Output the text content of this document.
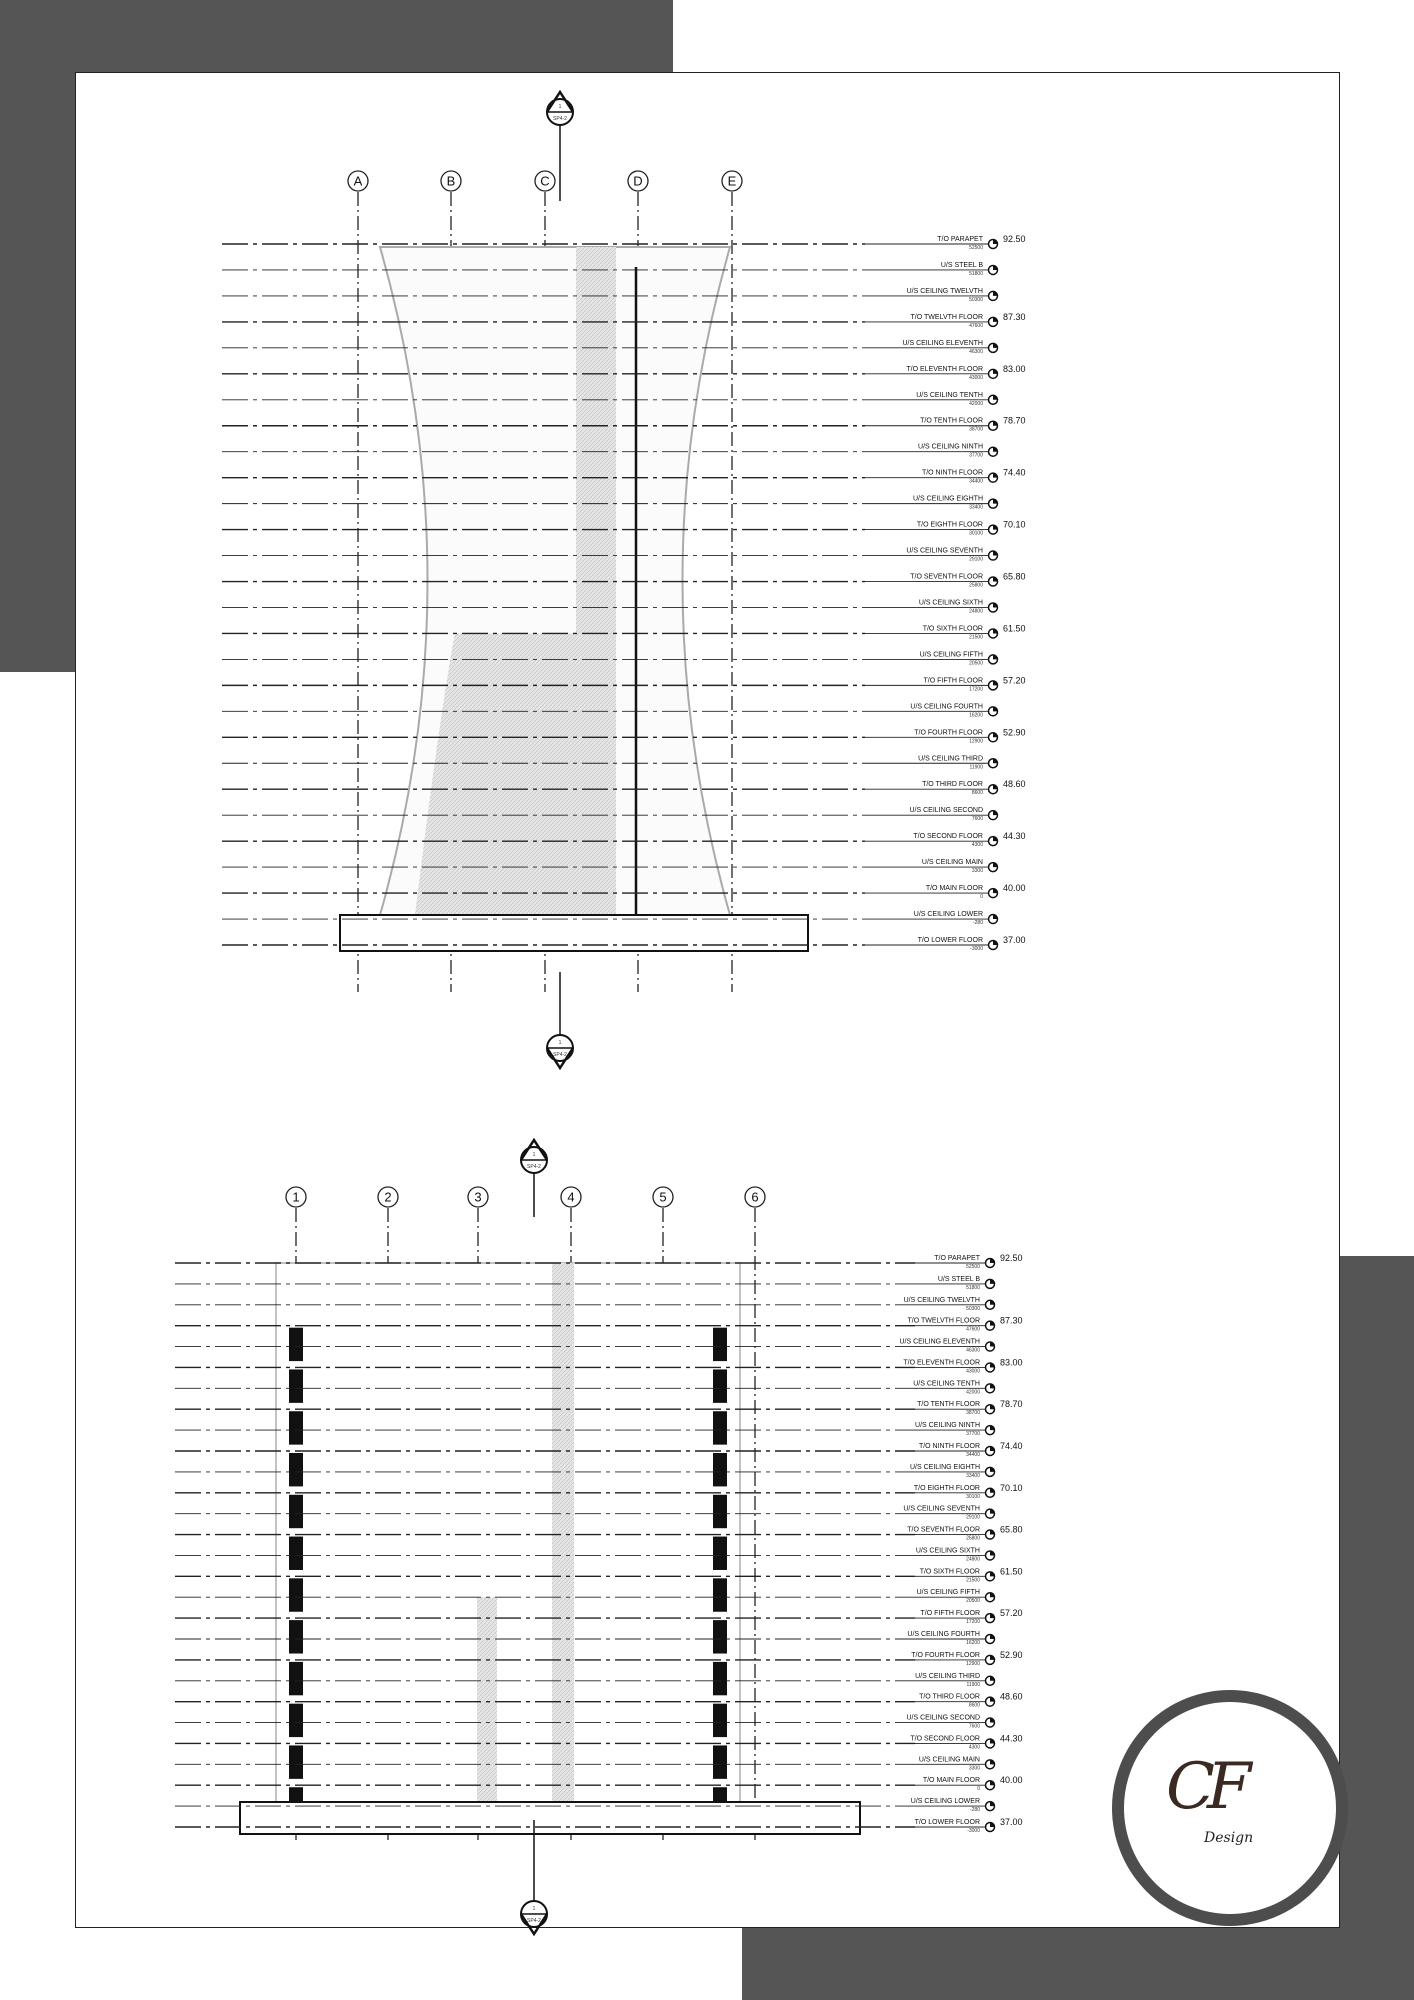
A	B	C	D	E
T/O PARAPET
52500
92.50
U/S STEEL B
51800
U/S CEILING TWELVTH
50300
T/O TWELVTH FLOOR
47600
87.30
U/S CEILING ELEVENTH
46300
T/O ELEVENTH FLOOR
43000
83.00
U/S CEILING TENTH
42000
T/O TENTH FLOOR
38700
78.70
U/S CEILING NINTH
37700
T/O NINTH FLOOR
34400
74.40
U/S CEILING EIGHTH
33400
T/O EIGHTH FLOOR
30100
70.10
U/S CEILING SEVENTH
29100
T/O SEVENTH FLOOR
25800
65.80
U/S CEILING SIXTH
24800
T/O SIXTH FLOOR
21500
61.50
U/S CEILING FIFTH
20500
T/O FIFTH FLOOR
17200
57.20
U/S CEILING FOURTH
16200
T/O FOURTH FLOOR
12900
52.90
U/S CEILING THIRD
11900
T/O THIRD FLOOR
8600
48.60
U/S CEILING SECOND
7600
T/O SECOND FLOOR
4300
44.30
U/S CEILING MAIN
3300
T/O MAIN FLOOR
0
40.00
U/S CEILING LOWER
-280
T/O LOWER FLOOR
-3000
37.00
1
SP4-2
1
SP4-2
1	2	3	4	5	6
T/O PARAPET
52500
92.50
U/S STEEL B
51800
U/S CEILING TWELVTH
50300
T/O TWELVTH FLOOR
47600
87.30
U/S CEILING ELEVENTH
46300
T/O ELEVENTH FLOOR
43000
83.00
U/S CEILING TENTH
42000
T/O TENTH FLOOR
38700
78.70
U/S CEILING NINTH
37700
T/O NINTH FLOOR
34400
74.40
U/S CEILING EIGHTH
33400
T/O EIGHTH FLOOR
30100
70.10
U/S CEILING SEVENTH
29100
T/O SEVENTH FLOOR
25800
65.80
U/S CEILING SIXTH
24800
T/O SIXTH FLOOR
21500
61.50
U/S CEILING FIFTH
20500
T/O FIFTH FLOOR
17200
57.20
U/S CEILING FOURTH
16200
T/O FOURTH FLOOR
12900
52.90
U/S CEILING THIRD
11900
T/O THIRD FLOOR
8600
48.60
U/S CEILING SECOND
7600
T/O SECOND FLOOR
4300
44.30
U/S CEILING MAIN
3300
T/O MAIN FLOOR
0
40.00
U/S CEILING LOWER
-280
T/O LOWER FLOOR
-3000
37.00
1
SP4-2
1
SP4-2
CF
Design
